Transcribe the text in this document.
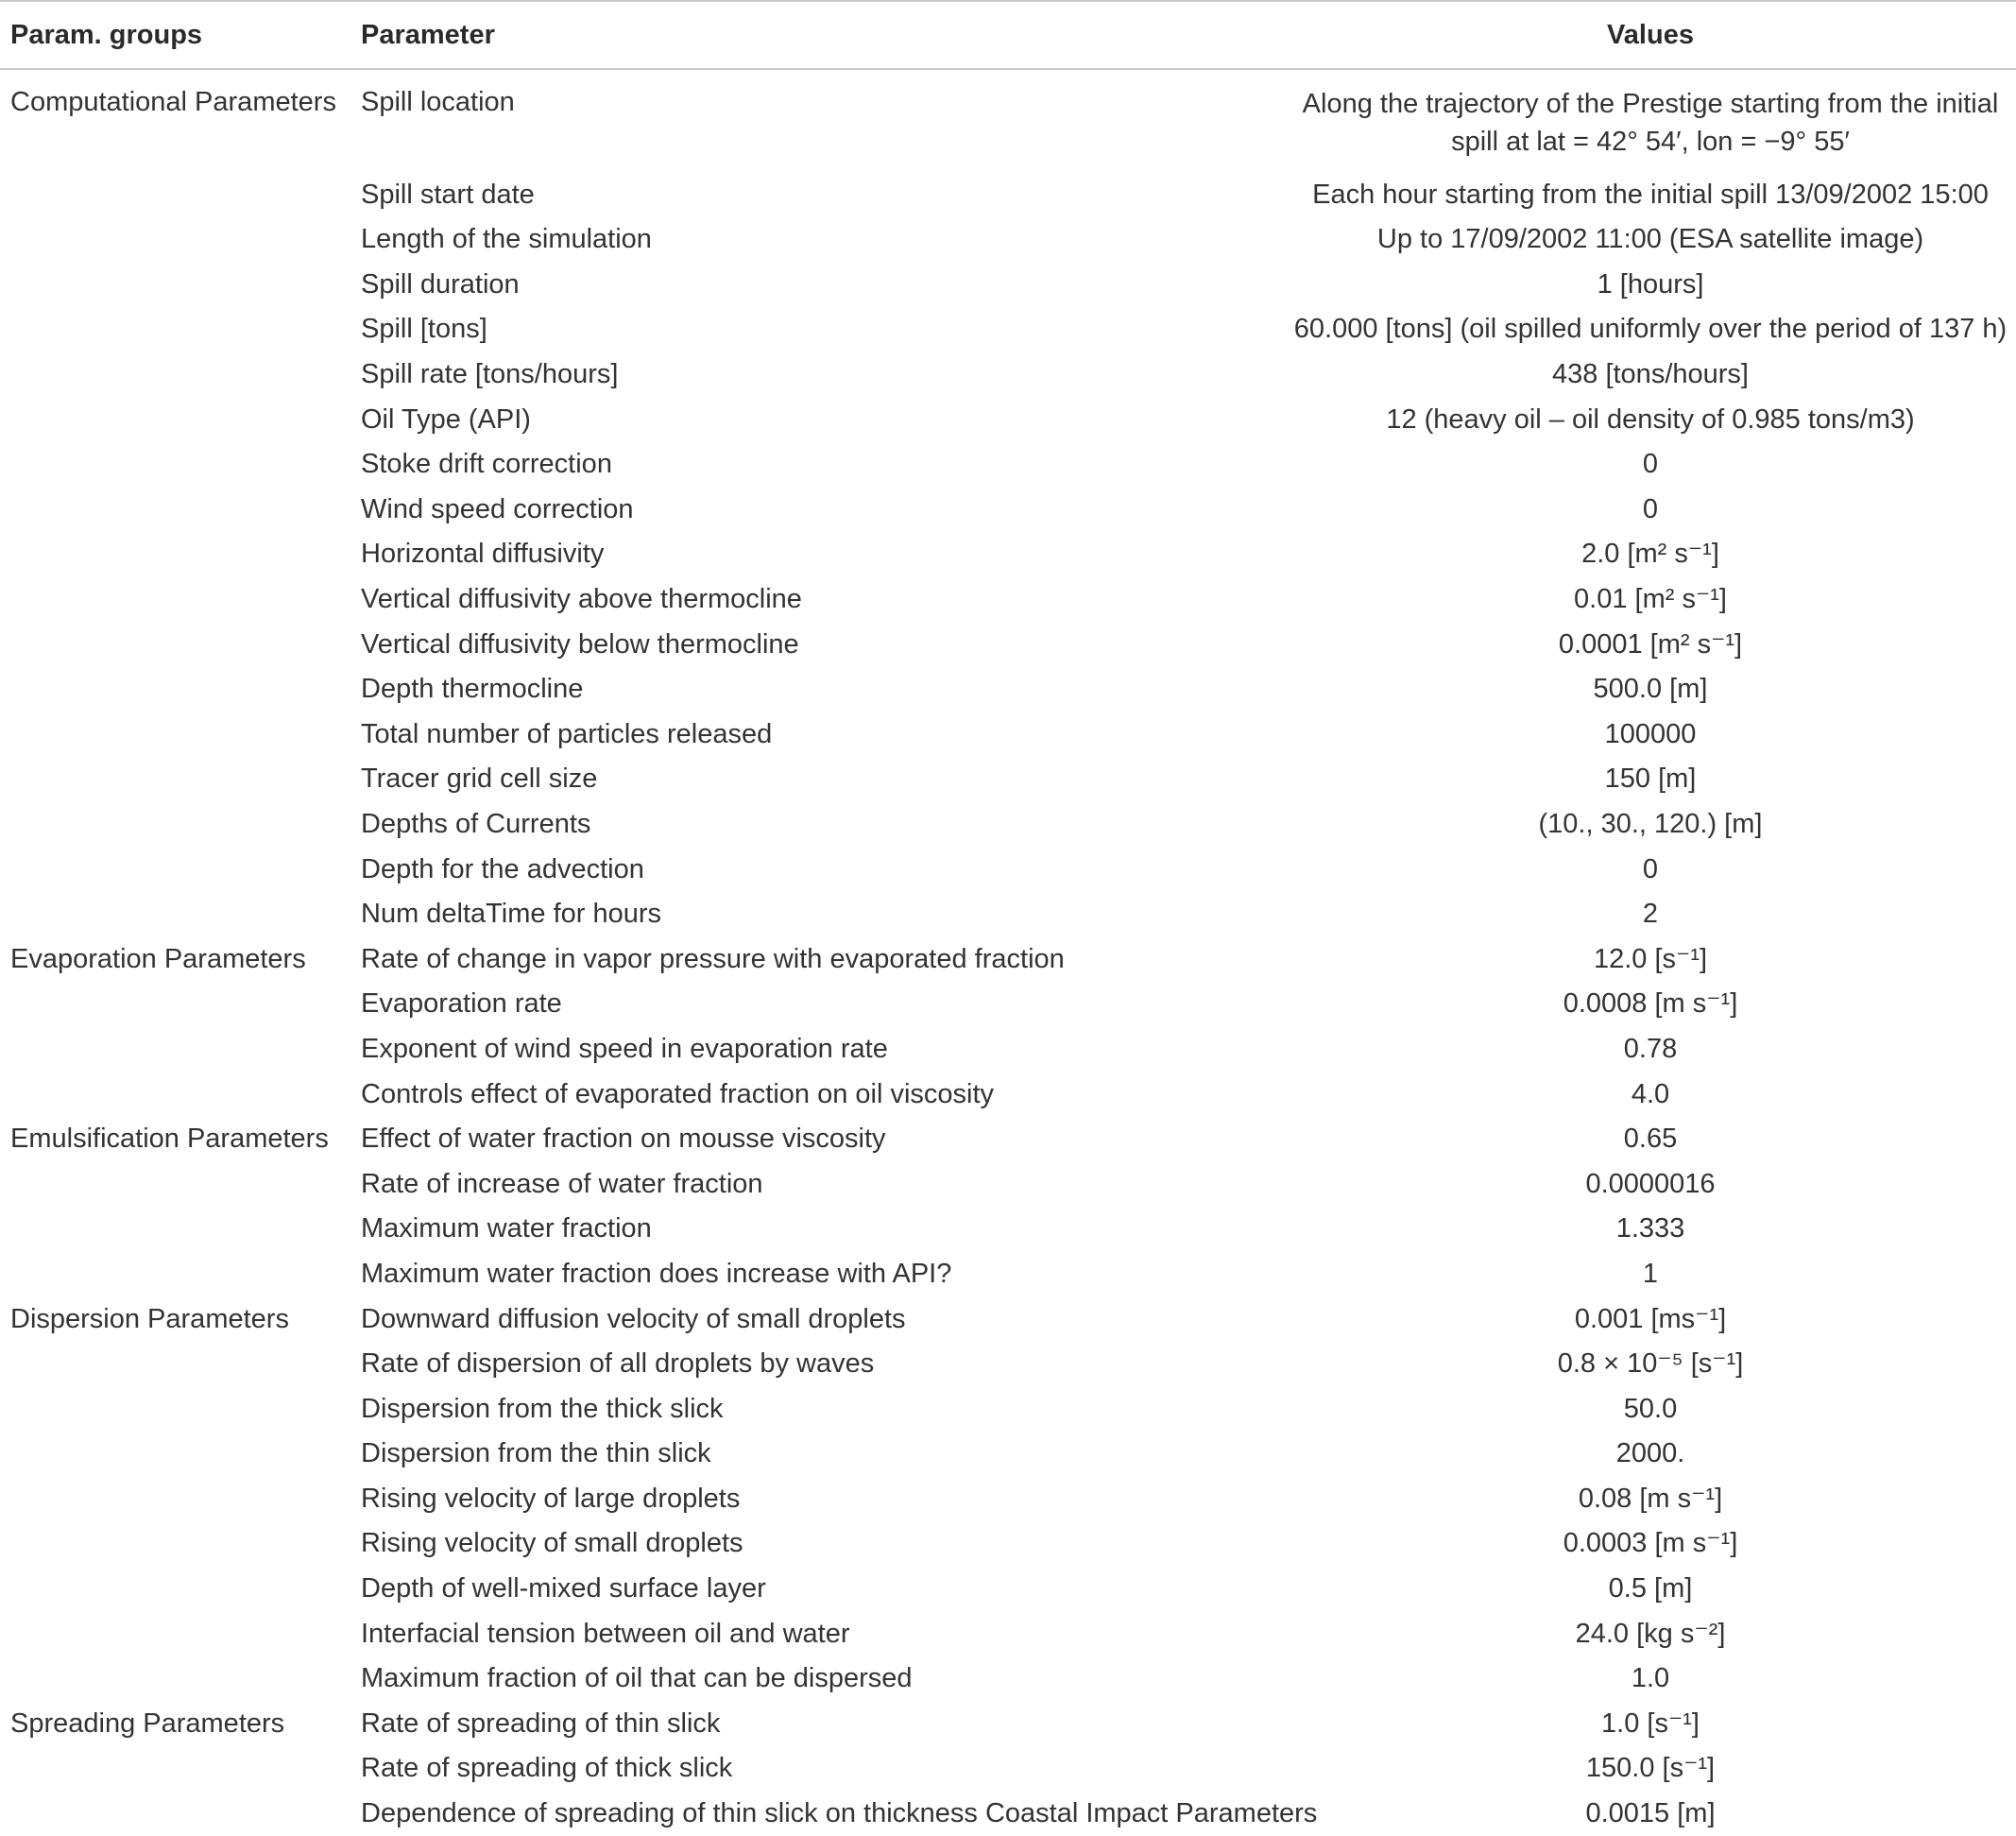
Param. groups	Parameter	Values
Computational Parameters	Spill location	Along the trajectory of the Prestige starting from the initial spill at lat = 42° 54′, lon = −9° 55′
	Spill start date	Each hour starting from the initial spill 13/09/2002 15:00
	Length of the simulation	Up to 17/09/2002 11:00 (ESA satellite image)
	Spill duration	1 [hours]
	Spill [tons]	60.000 [tons] (oil spilled uniformly over the period of 137 h)
	Spill rate [tons/hours]	438 [tons/hours]
	Oil Type (API)	12 (heavy oil – oil density of 0.985 tons/m3)
	Stoke drift correction	0
	Wind speed correction	0
	Horizontal diffusivity	2.0 [m² s⁻¹]
	Vertical diffusivity above thermocline	0.01 [m² s⁻¹]
	Vertical diffusivity below thermocline	0.0001 [m² s⁻¹]
	Depth thermocline	500.0 [m]
	Total number of particles released	100000
	Tracer grid cell size	150 [m]
	Depths of Currents	(10., 30., 120.) [m]
	Depth for the advection	0
	Num deltaTime for hours	2
Evaporation Parameters	Rate of change in vapor pressure with evaporated fraction	12.0 [s⁻¹]
	Evaporation rate	0.0008 [m s⁻¹]
	Exponent of wind speed in evaporation rate	0.78
	Controls effect of evaporated fraction on oil viscosity	4.0
Emulsification Parameters	Effect of water fraction on mousse viscosity	0.65
	Rate of increase of water fraction	0.0000016
	Maximum water fraction	1.333
	Maximum water fraction does increase with API?	1
Dispersion Parameters	Downward diffusion velocity of small droplets	0.001 [ms⁻¹]
	Rate of dispersion of all droplets by waves	0.8 × 10⁻⁵ [s⁻¹]
	Dispersion from the thick slick	50.0
	Dispersion from the thin slick	2000.
	Rising velocity of large droplets	0.08 [m s⁻¹]
	Rising velocity of small droplets	0.0003 [m s⁻¹]
	Depth of well-mixed surface layer	0.5 [m]
	Interfacial tension between oil and water	24.0 [kg s⁻²]
	Maximum fraction of oil that can be dispersed	1.0
Spreading Parameters	Rate of spreading of thin slick	1.0 [s⁻¹]
	Rate of spreading of thick slick	150.0 [s⁻¹]
	Dependence of spreading of thin slick on thickness Coastal Impact Parameters	0.0015 [m]
